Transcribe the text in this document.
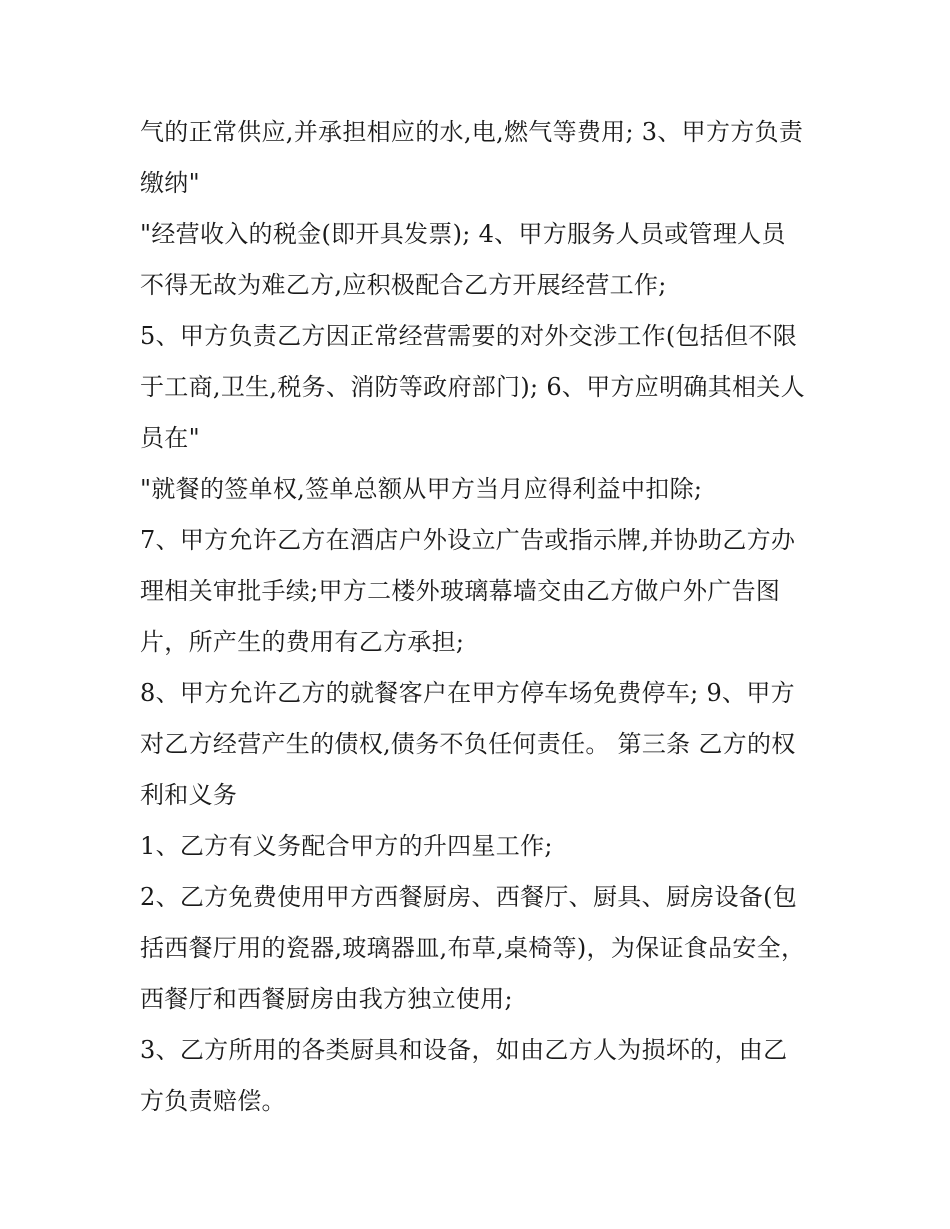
气的正常供应,并承担相应的水,电,燃气等费用; 3、甲方方负责
缴纳"
"经营收入的税金(即开具发票); 4、甲方服务人员或管理人员
不得无故为难乙方,应积极配合乙方开展经营工作;
5、甲方负责乙方因正常经营需要的对外交涉工作(包括但不限
于工商,卫生,税务、消防等政府部门); 6、甲方应明确其相关人
员在"
"就餐的签单权,签单总额从甲方当月应得利益中扣除;
7、甲方允许乙方在酒店户外设立广告或指示牌,并协助乙方办
理相关审批手续;甲方二楼外玻璃幕墙交由乙方做户外广告图
片，所产生的费用有乙方承担;
8、甲方允许乙方的就餐客户在甲方停车场免费停车; 9、甲方
对乙方经营产生的债权,债务不负任何责任。 第三条 乙方的权
利和义务
1、乙方有义务配合甲方的升四星工作;
2、乙方免费使用甲方西餐厨房、西餐厅、厨具、厨房设备(包
括西餐厅用的瓷器,玻璃器皿,布草,桌椅等)，为保证食品安全，
西餐厅和西餐厨房由我方独立使用;
3、乙方所用的各类厨具和设备，如由乙方人为损坏的，由乙
方负责赔偿。
